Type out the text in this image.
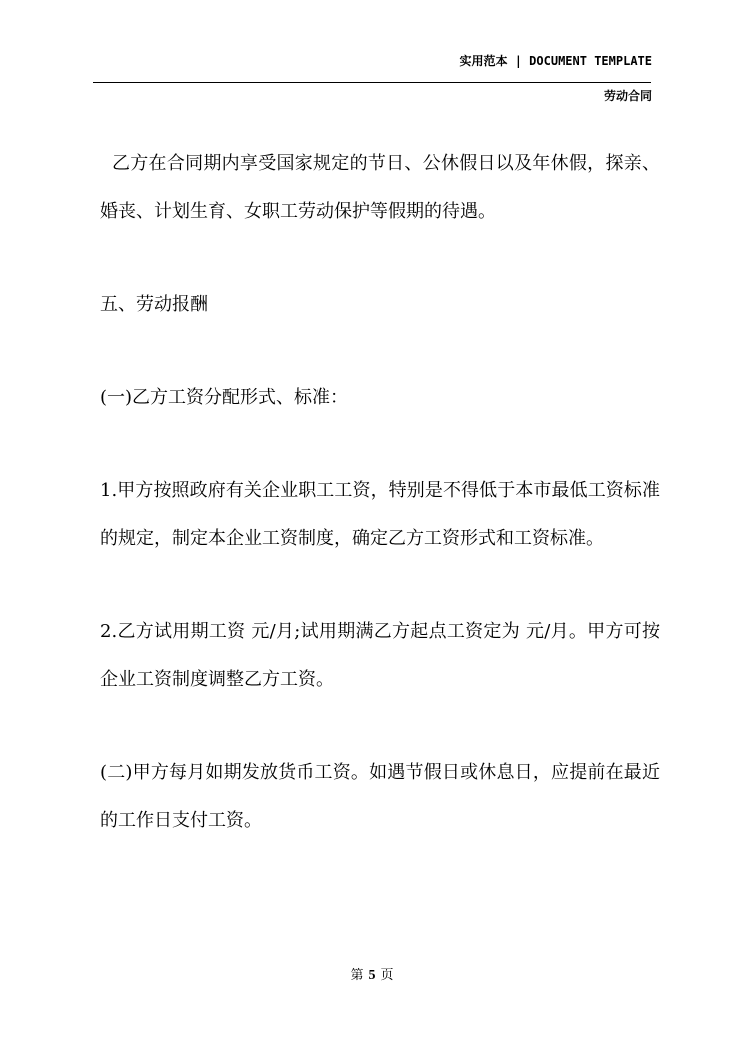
实用范本 | DOCUMENT TEMPLATE
劳动合同

乙方在合同期内享受国家规定的节日、公休假日以及年休假，探亲、婚丧、计划生育、女职工劳动保护等假期的待遇。

五、劳动报酬

(一)乙方工资分配形式、标准：

1.甲方按照政府有关企业职工工资，特别是不得低于本市最低工资标准的规定，制定本企业工资制度，确定乙方工资形式和工资标准。

2.乙方试用期工资 元/月;试用期满乙方起点工资定为 元/月。甲方可按企业工资制度调整乙方工资。

(二)甲方每月如期发放货币工资。如遇节假日或休息日，应提前在最近的工作日支付工资。

第 5 页
